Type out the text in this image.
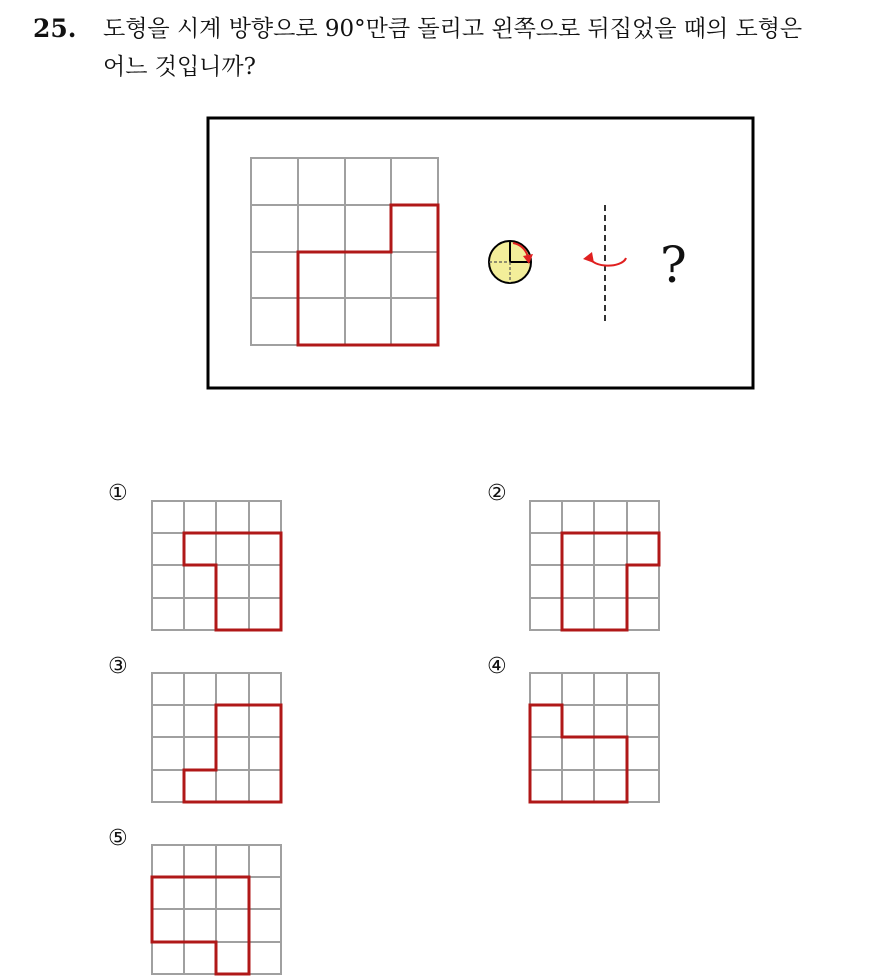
25. 도형을 시계 방향으로 90°만큼 돌리고 왼쪽으로 뒤집었을 때의 도형은
어느 것입니까?
?
①	②
③	④
⑤
